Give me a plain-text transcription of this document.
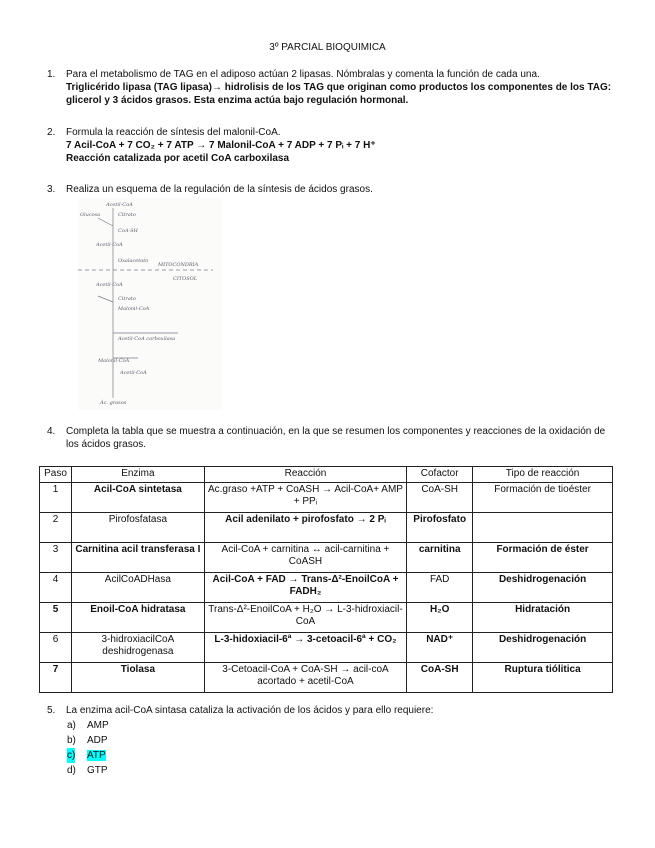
3º PARCIAL BIOQUIMICA
1. Para el metabolismo de TAG en el adiposo actúan 2 lipasas. Nómbralas y comenta la función de cada una.
Triglicérido lipasa (TAG lipasa)→ hidrolisis de los TAG que originan como productos los componentes de los TAG: glicerol y 3 ácidos grasos. Esta enzima actúa bajo regulación hormonal.
2. Formula la reacción de síntesis del malonil-CoA.
7 Acil-CoA + 7 CO₂ + 7 ATP → 7 Malonil-CoA + 7 ADP + 7 Pᵢ + 7 H⁺
Reacción catalizada por acetil CoA carboxilasa
3. Realiza un esquema de la regulación de la síntesis de ácidos grasos.
Acetil-CoA
Glucosa	Citrato
CoA-SH
Acetil-CoA
Oxalacetato
MITOCONDRIA
CITOSOL
Acetil-CoA
Citrato
Malonil-CoA
Acetil-CoA carboxilasa
Malonil-CoA
Acetil-CoA
Ác. grasos
4. Completa la tabla que se muestra a continuación, en la que se resumen los componentes y reacciones de la oxidación de los ácidos grasos.
Paso	Enzima	Reacción	Cofactor	Tipo de reacción
1	Acil-CoA sintetasa	Ac.graso +ATP + CoASH → Acil-CoA+ AMP + PPᵢ	CoA-SH	Formación de tioéster
2	Pirofosfatasa	Acil adenilato + pirofosfato → 2 Pᵢ	Pirofosfato	
3	Carnitina acil transferasa I	Acil-CoA + carnitina ↔ acil-carnitina + CoASH	carnitina	Formación de éster
4	AcilCoADHasa	Acil-CoA + FAD → Trans-Δ²-EnoilCoA + FADH₂	FAD	Deshidrogenación
5	Enoil-CoA hidratasa	Trans-Δ²-EnoilCoA + H₂O → L-3-hidroxiacil-CoA	H₂O	Hidratación
6	3-hidroxiacilCoA deshidrogenasa	L-3-hidoxiacil-6ª → 3-cetoacil-6ª + CO₂	NAD⁺	Deshidrogenación
7	Tiolasa	3-Cetoacil-CoA + CoA-SH → acil-coA acortado + acetil-CoA	CoA-SH	Ruptura tiólitica
5. La enzima acil-CoA sintasa cataliza la activación de los ácidos y para ello requiere:
a) AMP
b) ADP
c) ATP
d) GTP
